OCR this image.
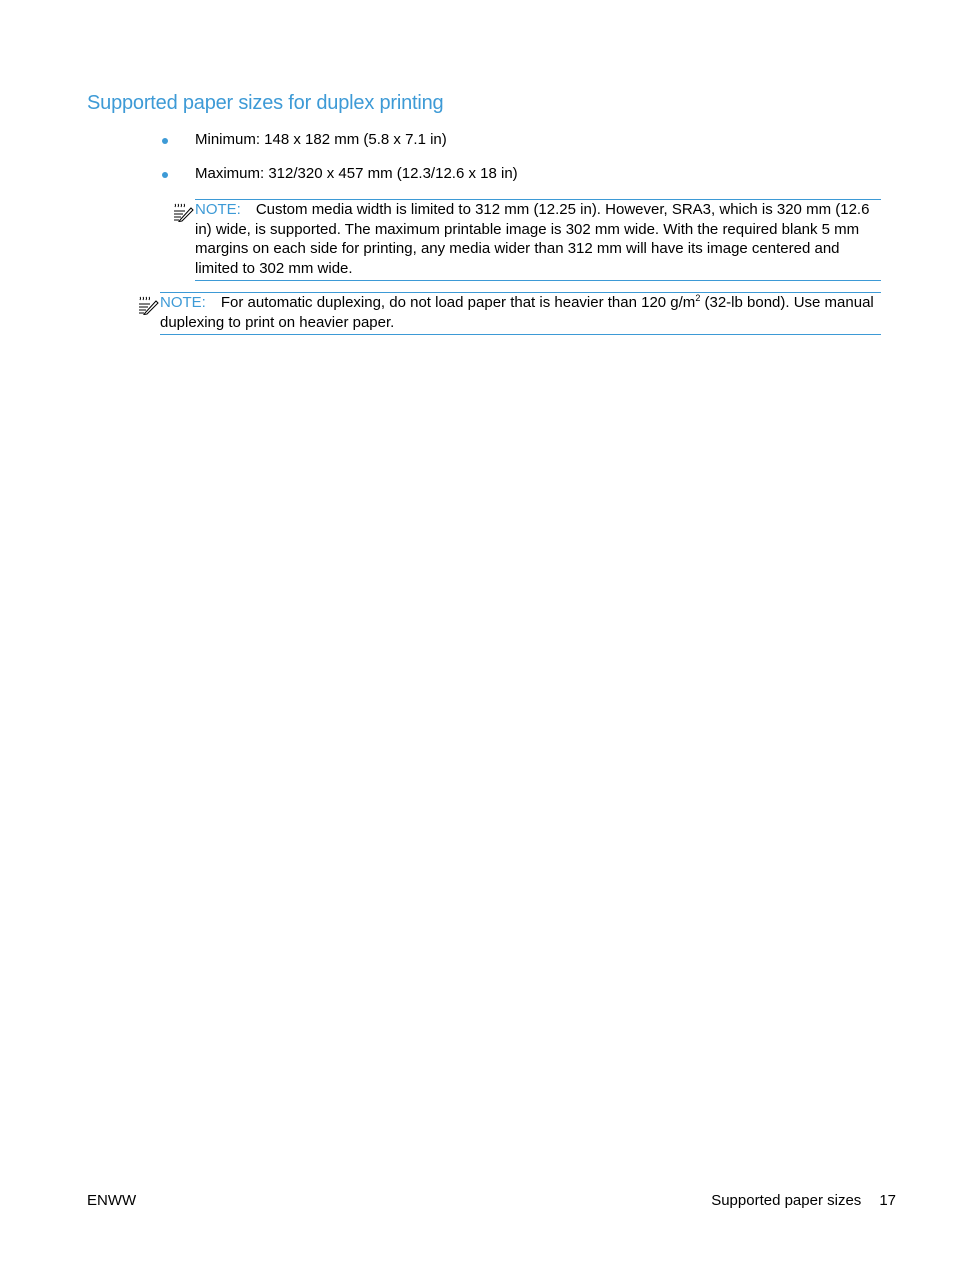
Supported paper sizes for duplex printing
Minimum: 148 x 182 mm (5.8 x 7.1 in)
Maximum: 312/320 x 457 mm (12.3/12.6 x 18 in)
NOTE: Custom media width is limited to 312 mm (12.25 in). However, SRA3, which is 320 mm (12.6 in) wide, is supported. The maximum printable image is 302 mm wide. With the required blank 5 mm margins on each side for printing, any media wider than 312 mm will have its image centered and limited to 302 mm wide.
NOTE: For automatic duplexing, do not load paper that is heavier than 120 $g/m^2$ (32-lb bond). Use manual duplexing to print on heavier paper.
ENWW	Supported paper sizes 17
